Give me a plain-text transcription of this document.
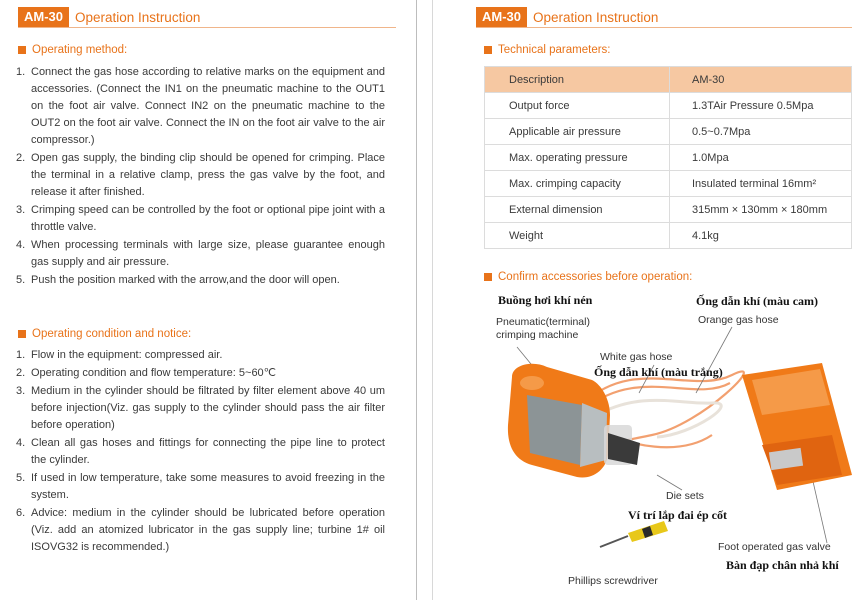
AM-30 Operation Instruction
Operating method:
1. Connect the gas hose according to relative marks on the equipment and accessories. (Connect the IN1 on the pneumatic machine to the OUT1 on the foot air valve. Connect IN2 on the pneumatic machine to the OUT2 on the foot air valve. Connect the IN on the foot air valve to the air compressor.)
2. Open gas supply, the binding clip should be opened for crimping. Place the terminal in a relative clamp, press the gas valve by the foot, and release it after finished.
3. Crimping speed can be controlled by the foot or optional pipe joint with a throttle valve.
4. When processing terminals with large size, please guarantee enough gas supply and air pressure.
5. Push the position marked with the arrow,and the door will open.
Operating condition and notice:
1. Flow in the equipment: compressed air.
2. Operating condition and flow temperature: 5~60℃
3. Medium in the cylinder should be filtrated by filter element above 40 um before injection(Viz. gas supply to the cylinder should pass the air filter before operation)
4. Clean all gas hoses and fittings for connecting the pipe line to protect the cylinder.
5. If used in low temperature, take some measures to avoid freezing in the system.
6. Advice: medium in the cylinder should be lubricated before operation (Viz. add an atomized lubricator in the gas supply line; turbine 1# oil ISOVG32 is recommended.)
AM-30 Operation Instruction
Technical parameters:
Description	AM-30
Output force	1.3TAir Pressure 0.5Mpa
Applicable air pressure	0.5~0.7Mpa
Max. operating pressure	1.0Mpa
Max. crimping capacity	Insulated terminal 16mm²
External dimension	315mm × 130mm × 180mm
Weight	4.1kg
Confirm accessories before operation:
Pneumatic(terminal)
crimping machine
Orange gas hose
White gas hose
Die sets
Foot operated gas valve
Phillips screwdriver
Buồng hơi khí nén	Ống dẫn khí (màu cam)
Ống dẫn khí (màu trắng)
Ví trí lắp đai ép cốt
Bàn đạp chân nhả khí
